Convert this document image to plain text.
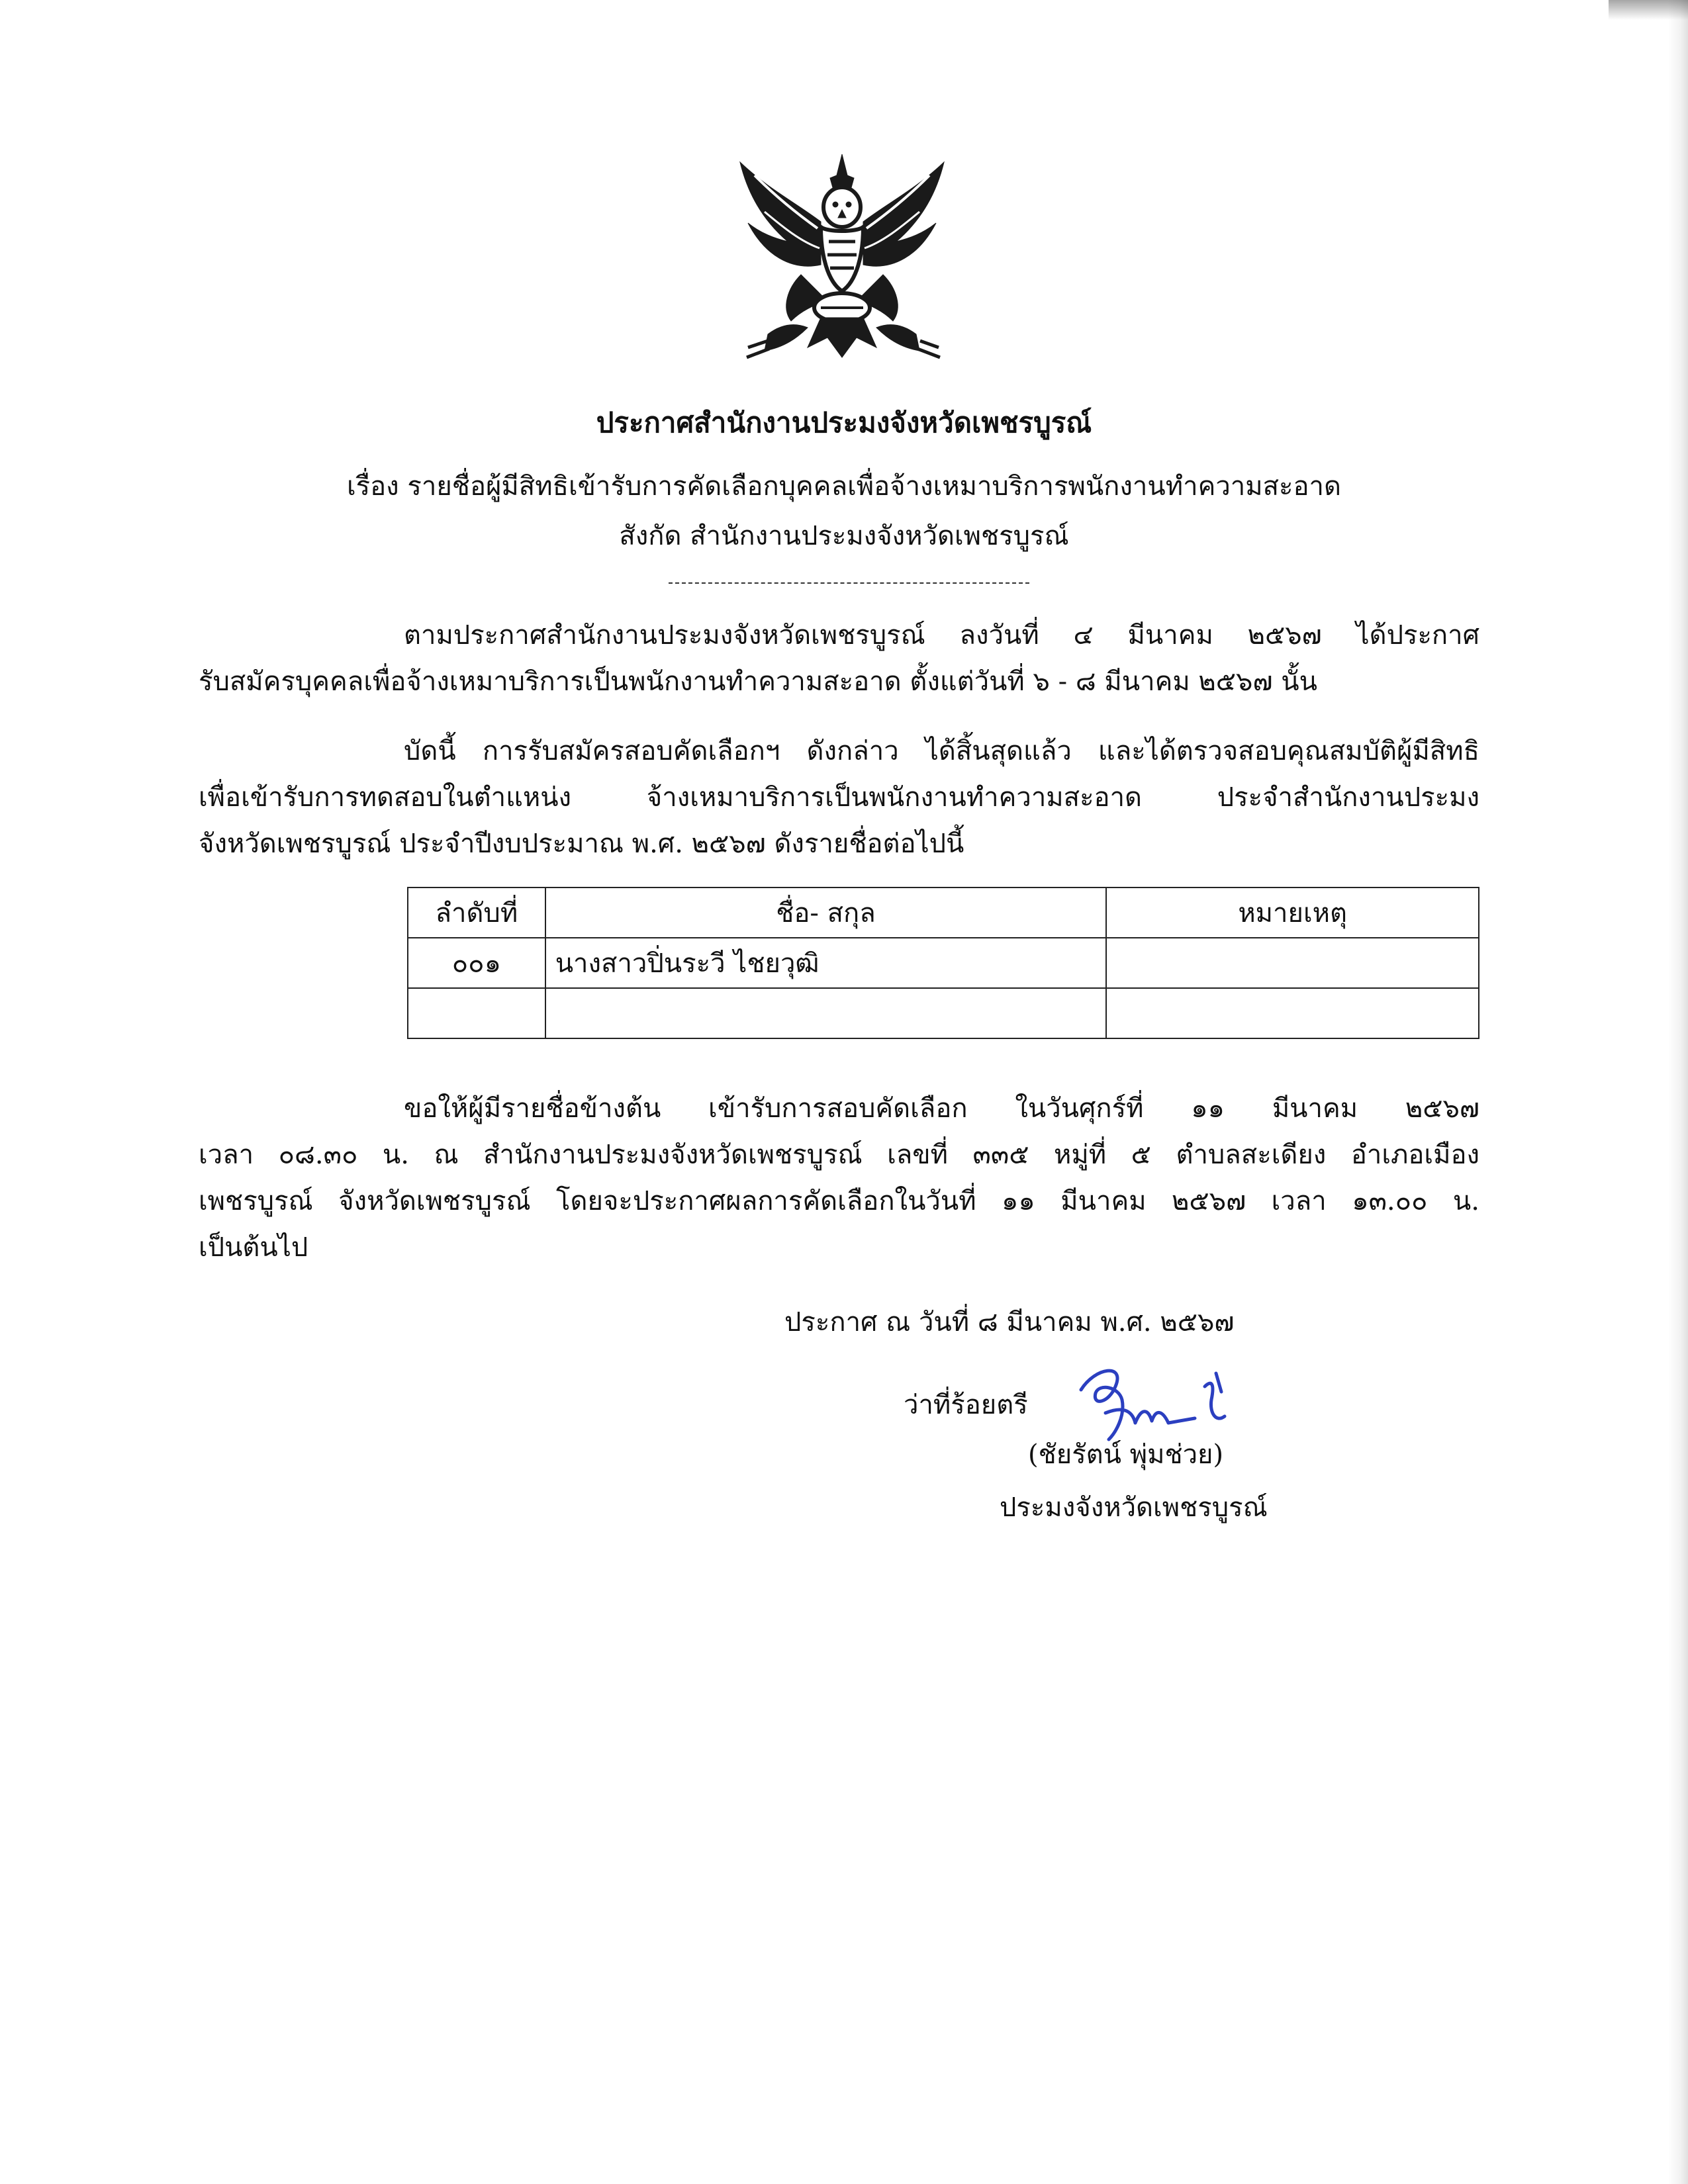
ประกาศสำนักงานประมงจังหวัดเพชรบูรณ์
เรื่อง รายชื่อผู้มีสิทธิเข้ารับการคัดเลือกบุคคลเพื่อจ้างเหมาบริการพนักงานทำความสะอาด
สังกัด สำนักงานประมงจังหวัดเพชรบูรณ์
ตามประกาศสำนักงานประมงจังหวัดเพชรบูรณ์ ลงวันที่ ๔ มีนาคม ๒๕๖๗ ได้ประกาศ
รับสมัครบุคคลเพื่อจ้างเหมาบริการเป็นพนักงานทำความสะอาด ตั้งแต่วันที่ ๖ - ๘ มีนาคม ๒๕๖๗ นั้น
บัดนี้ การรับสมัครสอบคัดเลือกฯ ดังกล่าว ได้สิ้นสุดแล้ว และได้ตรวจสอบคุณสมบัติผู้มีสิทธิ
เพื่อเข้ารับการทดสอบในตำแหน่ง จ้างเหมาบริการเป็นพนักงานทำความสะอาด ประจำสำนักงานประมง
จังหวัดเพชรบูรณ์ ประจำปีงบประมาณ พ.ศ. ๒๕๖๗ ดังรายชื่อต่อไปนี้
ลำดับที่	ชื่อ- สกุล	หมายเหตุ
๐๐๑	นางสาวปิ่นระวี ไชยวุฒิ	

ขอให้ผู้มีรายชื่อข้างต้น เข้ารับการสอบคัดเลือก ในวันศุกร์ที่ ๑๑ มีนาคม ๒๕๖๗
เวลา ๐๘.๓๐ น. ณ สำนักงานประมงจังหวัดเพชรบูรณ์ เลขที่ ๓๓๕ หมู่ที่ ๕ ตำบลสะเดียง อำเภอเมือง
เพชรบูรณ์ จังหวัดเพชรบูรณ์ โดยจะประกาศผลการคัดเลือกในวันที่ ๑๑ มีนาคม ๒๕๖๗ เวลา ๑๓.๐๐ น.
เป็นต้นไป
ประกาศ ณ วันที่ ๘ มีนาคม พ.ศ. ๒๕๖๗
ว่าที่ร้อยตรี
(ชัยรัตน์ พุ่มช่วย)
ประมงจังหวัดเพชรบูรณ์
